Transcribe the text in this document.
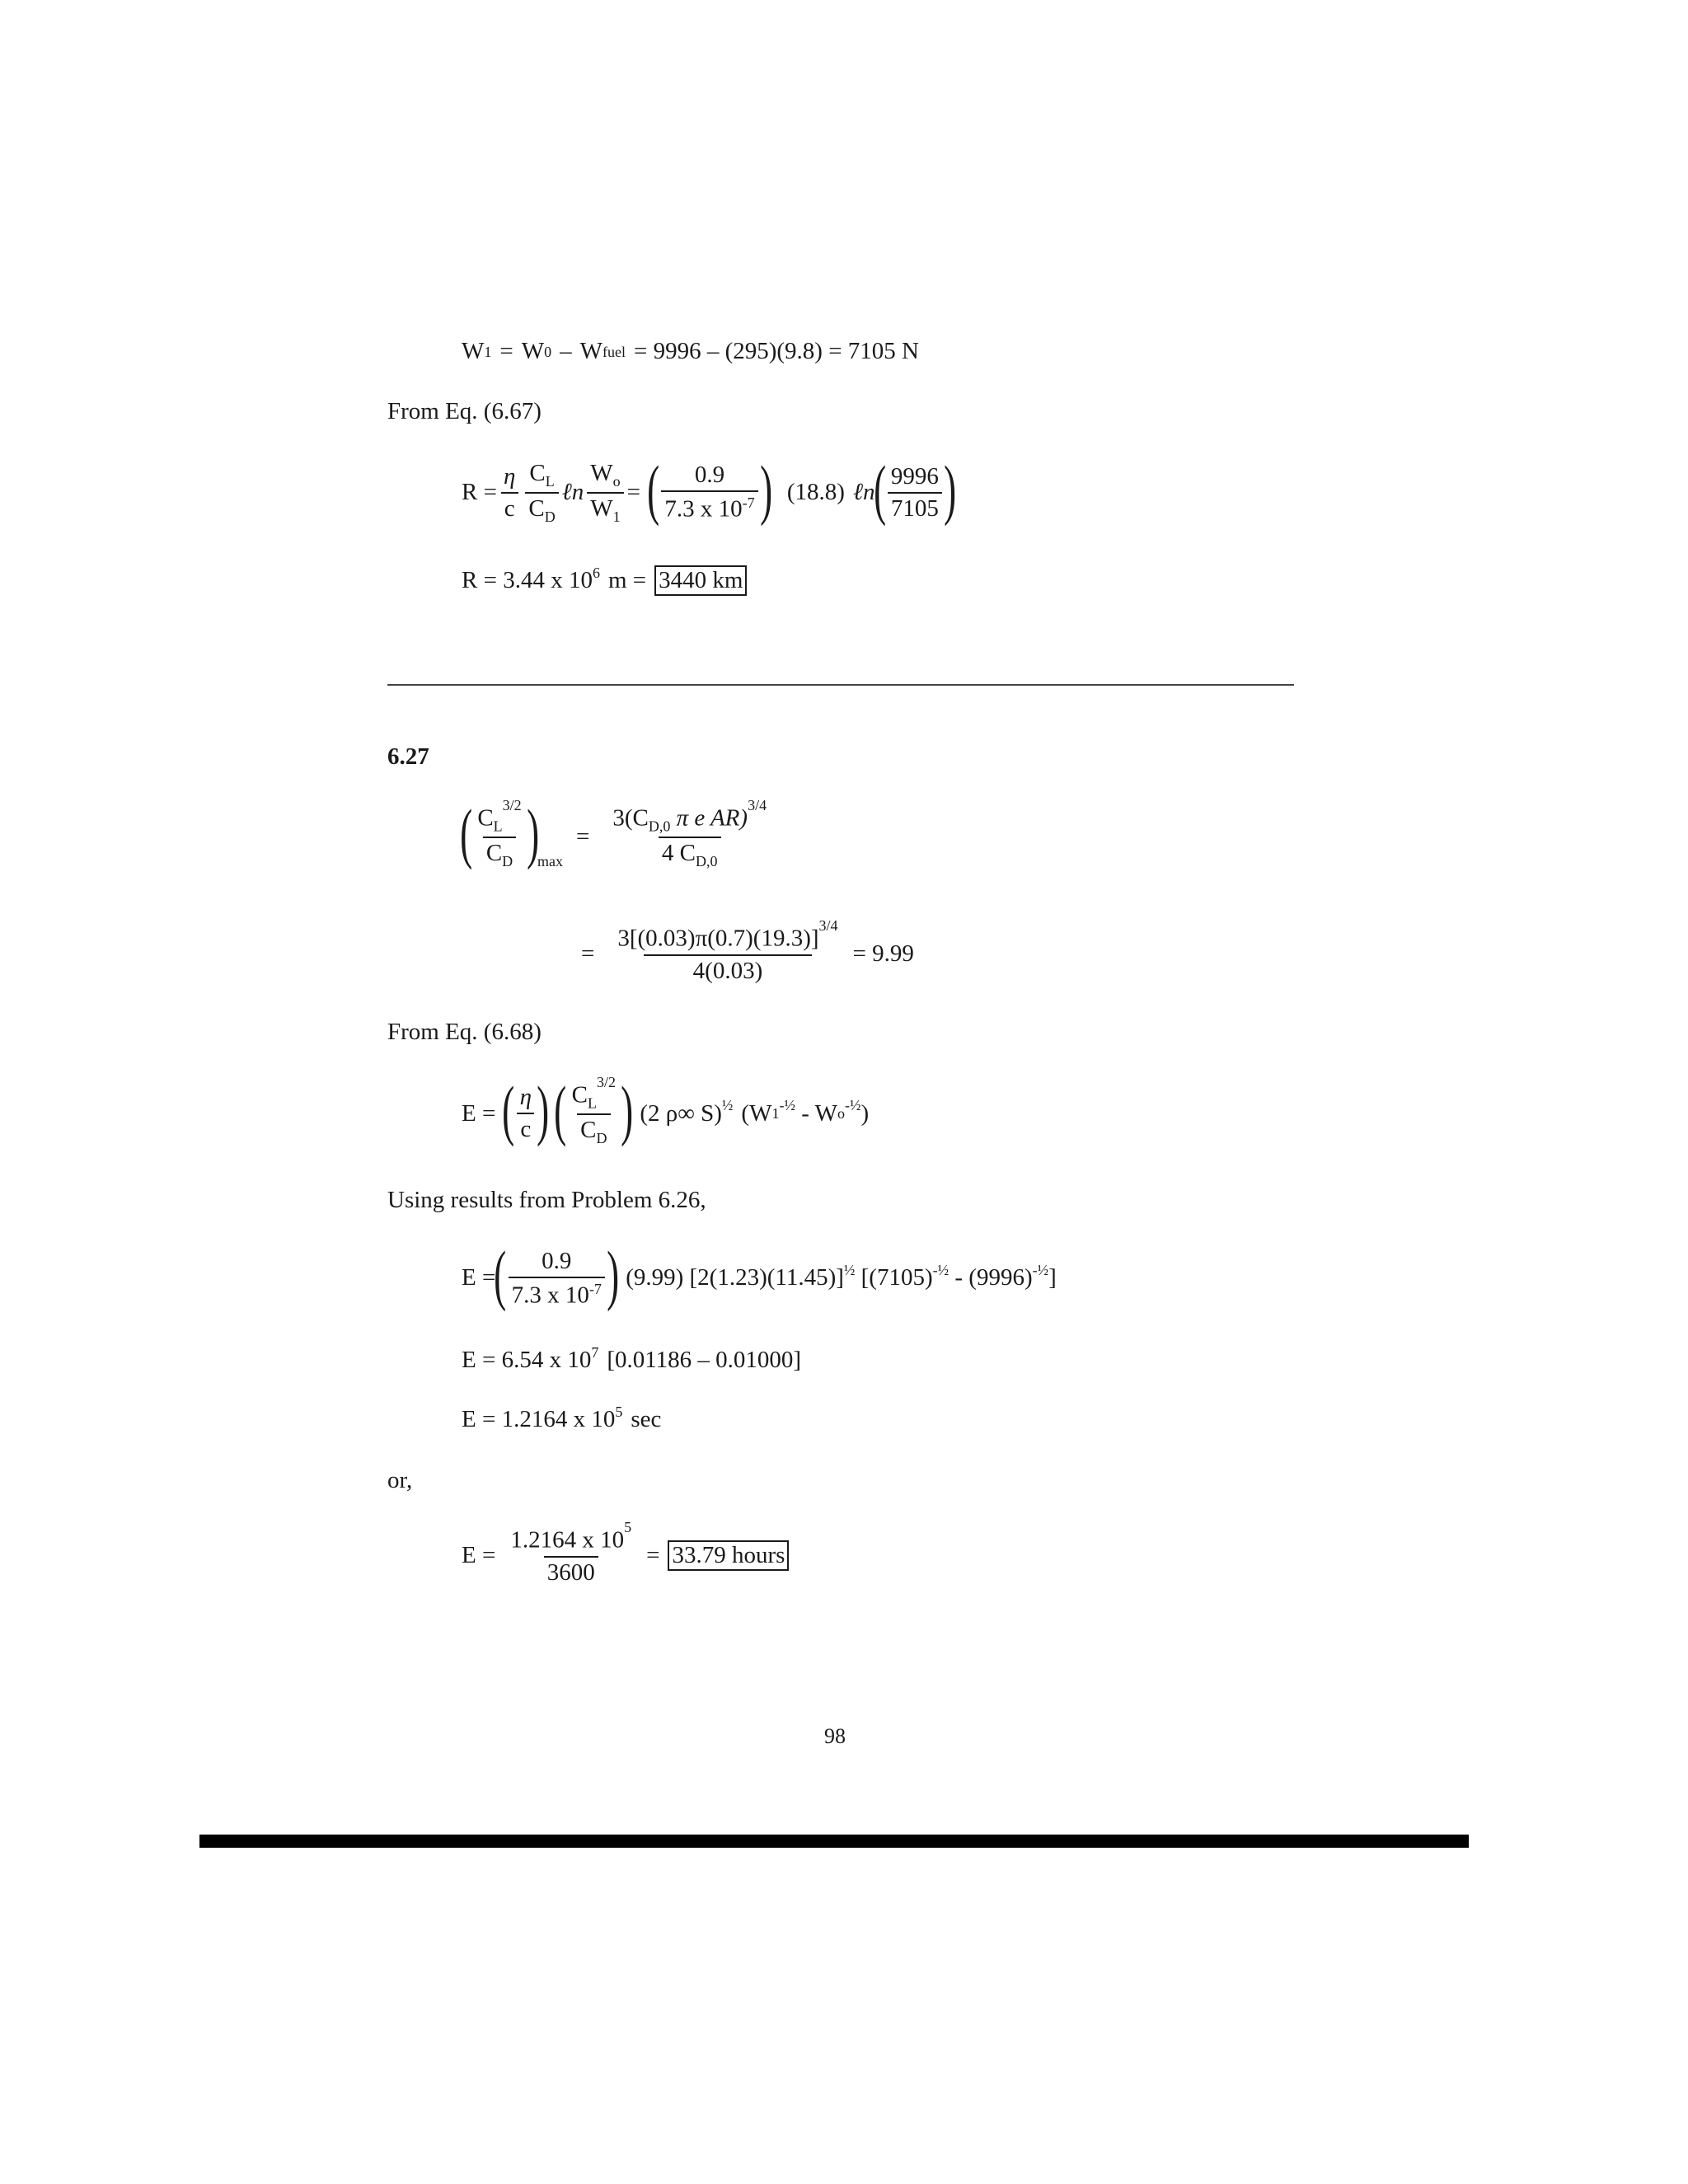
W 1 = W 0 – W fuel = 9996 – (295)(9.8) = 7105 N
From Eq. (6.67)
$R = \frac{\eta}{c} \frac{C_L}{C_D}$ ℓn $\frac{W_o}{W_1}$ = ( $\frac{0.9}{7.3 x 10^{-7}}$ ) (18.8) ℓn
( $\frac{9996}{7105}$ )
R = 3.44 x $10^6$ m = 3440 km
6.27
( $\frac{C_L^{3/2}}{C_D}$ )
max
= $\frac{3(C_{D,0} \pi e AR)^{3/4}}{4 C_{D,0}}$
= $\frac{3[(0.03)\pi(0.7)(19.3)]^{3/4}}{4(0.03)} = 9.99$
From Eq. (6.68)
E = ( $\frac{\eta}{c}$ ) ( $\frac{C_L^{3/2}}{C_D}$ ) (2 ρ∞ S)$^{\frac{1}{2}}$ (W $1^{-\frac{1}{2}}$ - W $o^{-\frac{1}{2}}$ )
Using results from Problem 6.26,
E =
( $\frac{0.9}{7.3 x 10^{-7}}$ ) (9.99) $[2(1.23)(11.45)]^{\frac{1}{2}}$ [$(7105)^{-\frac{1}{2}} - (9996)^{-\frac{1}{2}}$ ]
E = 6.54 x $10^7$ [0.01186 – 0.01000]
E = 1.2164 x $10^5$ sec
or,
$E = \frac{1.2164 x 10^5}{3600} = 33.79$ hours
98
